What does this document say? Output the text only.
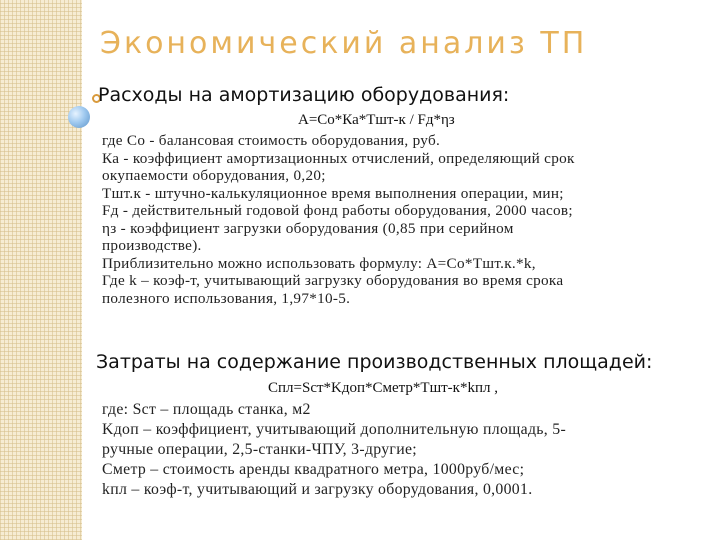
Экономический анализ ТП
Расходы на амортизацию оборудования:
А=Со*Ка*Тшт-к / Fд*ηз
где Со - балансовая стоимость оборудования, руб.
Ка - коэффициент амортизационных отчислений, определяющий срок
окупаемости оборудования, 0,20;
Тшт.к - штучно-калькуляционное время выполнения операции, мин;
Fд - действительный годовой фонд работы оборудования, 2000 часов;
ηз - коэффициент загрузки оборудования (0,85 при серийном
производстве).
Приблизительно можно использовать формулу: А=Со*Тшт.к.*k,
Где k – коэф-т, учитывающий загрузку оборудования во время срока
полезного использования, 1,97*10-5.
Затраты на содержание производственных площадей:
Спл=Sст*Kдоп*Сметр*Тшт-к*kпл ,
где: Sст – площадь станка, м2
Kдоп – коэффициент, учитывающий дополнительную площадь, 5-
ручные операции, 2,5-станки-ЧПУ, 3-другие;
Cметр – стоимость аренды квадратного метра, 1000руб/мес;
kпл – коэф-т, учитывающий и загрузку оборудования, 0,0001.
